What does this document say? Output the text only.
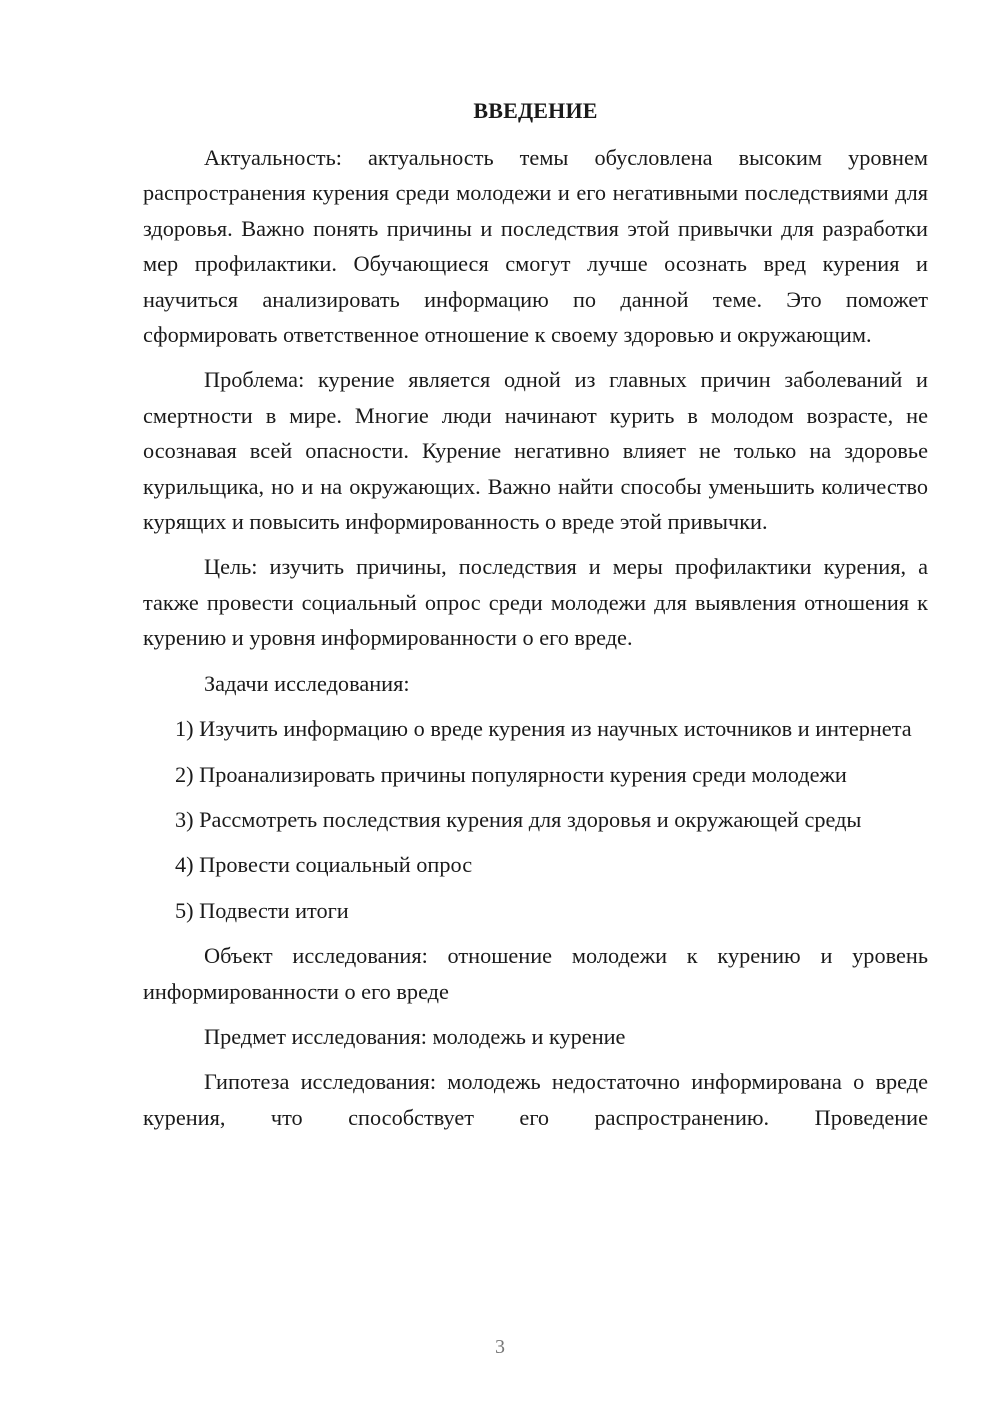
ВВЕДЕНИЕ

Актуальность: актуальность темы обусловлена высоким уровнем распространения курения среди молодежи и его негативными последствиями для здоровья. Важно понять причины и последствия этой привычки для разработки мер профилактики. Обучающиеся смогут лучше осознать вред курения и научиться анализировать информацию по данной теме. Это поможет сформировать ответственное отношение к своему здоровью и окружающим.

Проблема: курение является одной из главных причин заболеваний и смертности в мире. Многие люди начинают курить в молодом возрасте, не осознавая всей опасности. Курение негативно влияет не только на здоровье курильщика, но и на окружающих. Важно найти способы уменьшить количество курящих и повысить информированность о вреде этой привычки.

Цель: изучить причины, последствия и меры профилактики курения, а также провести социальный опрос среди молодежи для выявления отношения к курению и уровня информированности о его вреде.

Задачи исследования:

1) Изучить информацию о вреде курения из научных источников и интернета

2) Проанализировать причины популярности курения среди молодежи

3) Рассмотреть последствия курения для здоровья и окружающей среды

4) Провести социальный опрос

5) Подвести итоги

Объект исследования: отношение молодежи к курению и уровень информированности о его вреде

Предмет исследования: молодежь и курение

Гипотеза исследования: молодежь недостаточно информирована о вреде курения, что способствует его распространению. Проведение

3
